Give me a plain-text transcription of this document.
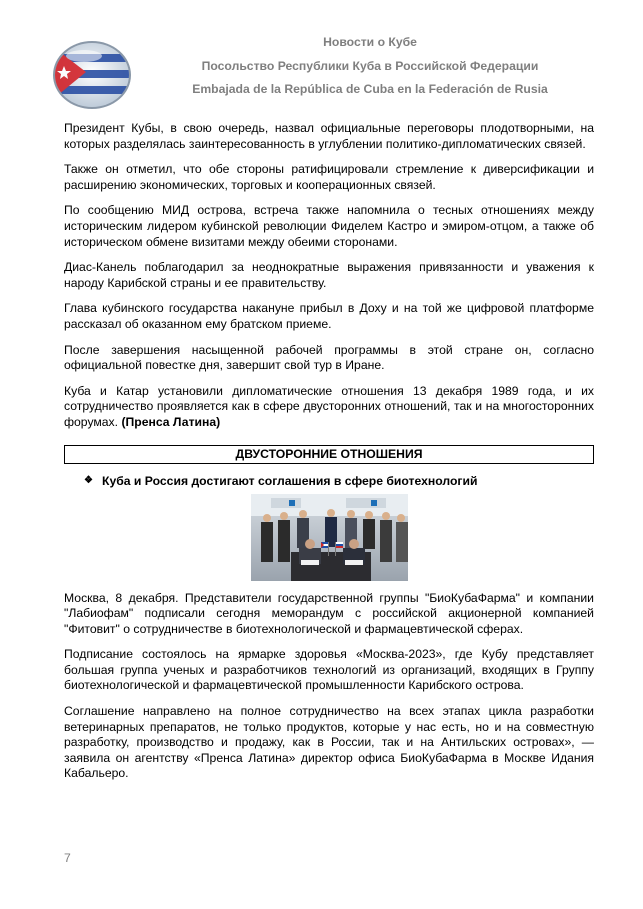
Новости о Кубе
Посольство Республики Куба в Российской Федерации
Embajada de la República de Cuba en la Federación de Rusia

Президент Кубы, в свою очередь, назвал официальные переговоры плодотворными, на которых разделялась заинтересованность в углублении политико-дипломатических связей.

Также он отметил, что обе стороны ратифицировали стремление к диверсификации и расширению экономических, торговых и кооперационных связей.

По сообщению МИД острова, встреча также напомнила о тесных отношениях между историческим лидером кубинской революции Фиделем Кастро и эмиром-отцом, а также об историческом обмене визитами между обеими сторонами.

Диас-Канель поблагодарил за неоднократные выражения привязанности и уважения к народу Карибской страны и ее правительству.

Глава кубинского государства накануне прибыл в Доху и на той же цифровой платформе рассказал об оказанном ему братском приеме.

После завершения насыщенной рабочей программы в этой стране он, согласно официальной повестке дня, завершит свой тур в Иране.

Куба и Катар установили дипломатические отношения 13 декабря 1989 года, и их сотрудничество проявляется как в сфере двусторонних отношений, так и на многосторонних форумах. (Пренса Латина)

ДВУСТОРОННИЕ ОТНОШЕНИЯ
❖ Куба и Россия достигают соглашения в сфере биотехнологий

Москва, 8 декабря. Представители государственной группы "БиоКубаФарма" и компании "Лабиофам" подписали сегодня меморандум с российской акционерной компанией "Фитовит" о сотрудничестве в биотехнологической и фармацевтической сферах.

Подписание состоялось на ярмарке здоровья «Москва-2023», где Кубу представляет большая группа ученых и разработчиков технологий из организаций, входящих в Группу биотехнологической и фармацевтической промышленности Карибского острова.

Соглашение направлено на полное сотрудничество на всех этапах цикла разработки ветеринарных препаратов, не только продуктов, которые у нас есть, но и на совместную разработку, производство и продажу, как в России, так и на Антильских островах», — заявила он агентству «Пренса Латина» директор офиса БиоКубаФарма в Москве Идания Кабальеро.

7
